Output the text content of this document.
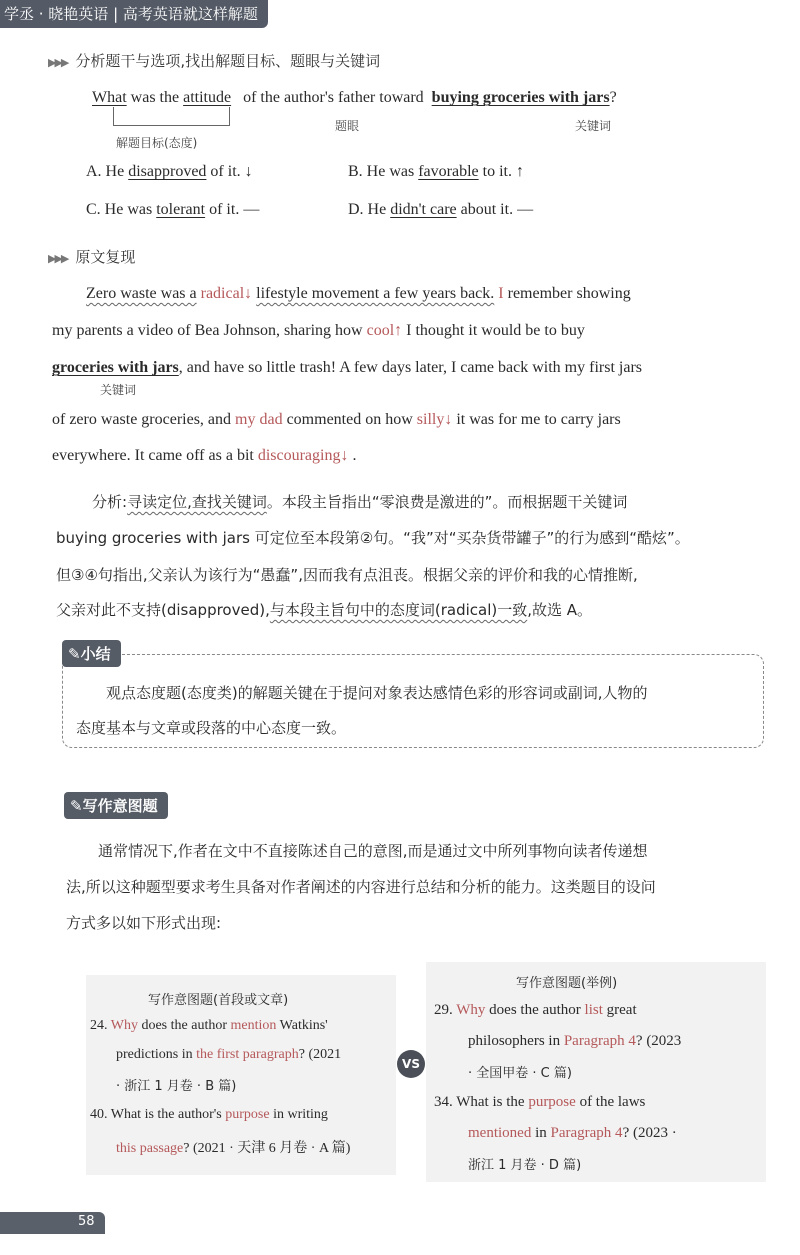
学丞 · 晓艳英语 | 高考英语就这样解题
▶▶▶ 分析题干与选项,找出解题目标、题眼与关键词
What was the attitude of the author's father toward buying groceries with jars?
解题目标(态度)
题眼	关键词
A. He disapproved of it. ↓	B. He was favorable to it. ↑
C. He was tolerant of it. —	D. He didn't care about it. —
▶▶▶ 原文复现
Zero waste was a radical↓ lifestyle movement a few years back. I remember showing
my parents a video of Bea Johnson, sharing how cool↑ I thought it would be to buy
groceries with jars, and have so little trash! A few days later, I came back with my first jars
关键词
of zero waste groceries, and my dad commented on how silly↓ it was for me to carry jars
everywhere. It came off as a bit discouraging↓ .
分析:寻读定位,查找关键词。本段主旨指出“零浪费是激进的”。而根据题干关键词
buying groceries with jars 可定位至本段第②句。“我”对“买杂货带罐子”的行为感到“酷炫”。
但③④句指出,父亲认为该行为“愚蠢”,因而我有点沮丧。根据父亲的评价和我的心情推断,
父亲对此不支持(disapproved),与本段主旨句中的态度词(radical)一致,故选 A。
✎小结
观点态度题(态度类)的解题关键在于提问对象表达感情色彩的形容词或副词,人物的
态度基本与文章或段落的中心态度一致。
✎写作意图题
通常情况下,作者在文中不直接陈述自己的意图,而是通过文中所列事物向读者传递想
法,所以这种题型要求考生具备对作者阐述的内容进行总结和分析的能力。这类题目的设问
方式多以如下形式出现:
写作意图题(首段或文章)
24. Why does the author mention Watkins'
predictions in the first paragraph? (2021
· 浙江 1 月卷 · B 篇)
40. What is the author's purpose in writing
this passage? (2021 · 天津 6 月卷 · A 篇)
VS
写作意图题(举例)
29. Why does the author list great
philosophers in Paragraph 4? (2023
· 全国甲卷 · C 篇)
34. What is the purpose of the laws
mentioned in Paragraph 4? (2023 ·
浙江 1 月卷 · D 篇)
58
